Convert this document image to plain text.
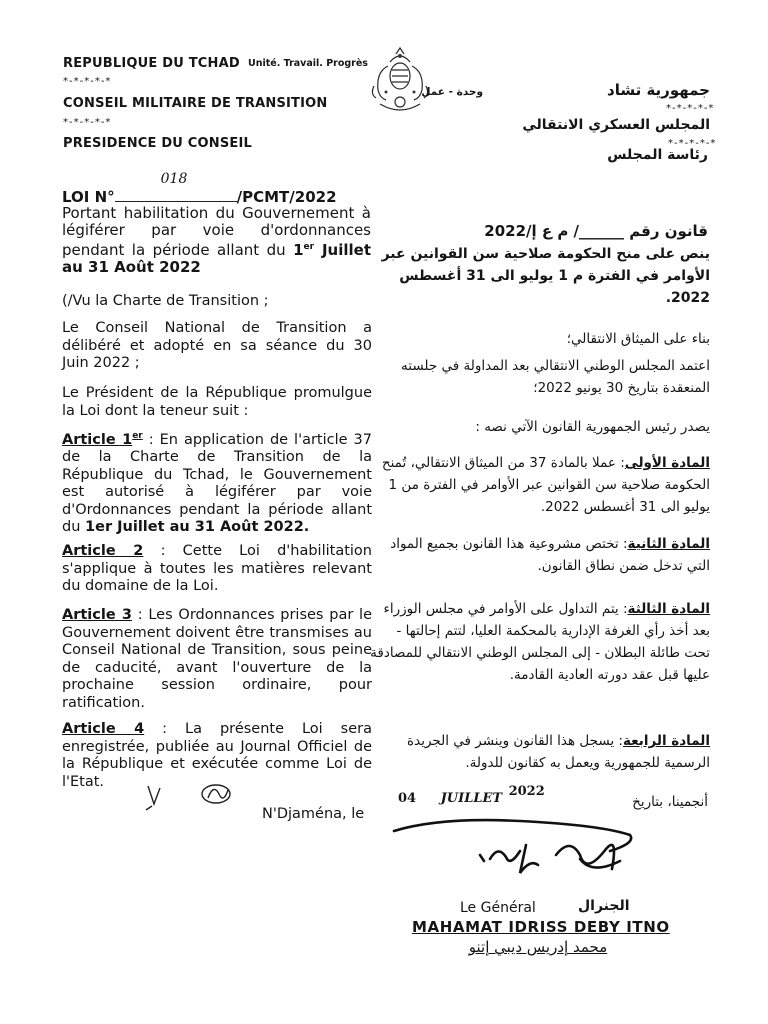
REPUBLIQUE DU TCHAD Unité. Travail. Progrès
*-*-*-*-*
CONSEIL MILITAIRE DE TRANSITION
*-*-*-*-*
PRESIDENCE DU CONSEIL
وحدة - عمل	جمهورية تشاد
*-*-*-*-*
المجلس العسكري الانتقالي
*-*-*-*-*
رئاسة المجلس
LOI N°
018
/PCMT/2022
Portant habilitation du Gouvernement à légiférer par voie d'ordonnances pendant la période allant du 1er Juillet au 31 Août 2022
قانون رقم ______/ م ع إ/2022
ينص على منح الحكومة صلاحية سن القوانين عبر الأوامر في الفترة م 1 يوليو الى 31 أغسطس 2022.
(/Vu la Charte de Transition ;
Le Conseil National de Transition a délibéré et adopté en sa séance du 30 Juin 2022 ;
Le Président de la République promulgue la Loi dont la teneur suit :
Article 1er : En application de l'article 37 de la Charte de Transition de la République du Tchad, le Gouvernement est autorisé à légiférer par voie d'Ordonnances pendant la période allant du 1er Juillet au 31 Août 2022.
Article 2 : Cette Loi d'habilitation s'applique à toutes les matières relevant du domaine de la Loi.
Article 3 : Les Ordonnances prises par le Gouvernement doivent être transmises au Conseil National de Transition, sous peine de caducité, avant l'ouverture de la prochaine session ordinaire, pour ratification.
Article 4 : La présente Loi sera enregistrée, publiée au Journal Officiel de la République et exécutée comme Loi de l'Etat.
N'Djaména, le
بناء على الميثاق الانتقالي؛
اعتمد المجلس الوطني الانتقالي بعد المداولة في جلسته المنعقدة بتاريخ 30 يونيو 2022؛
يصدر رئيس الجمهورية القانون الآتي نصه :
المادة الأولى: عملا بالمادة 37 من الميثاق الانتقالي، تُمنح الحكومة صلاحية سن القوانين عبر الأوامر في الفترة من 1 يوليو الى 31 أغسطس 2022.
المادة الثانية: تختص مشروعية هذا القانون بجميع المواد التي تدخل ضمن نطاق القانون.
المادة الثالثة: يتم التداول على الأوامر في مجلس الوزراء بعد أخذ رأي الغرفة الإدارية بالمحكمة العليا، لتتم إحالتها - تحت طائلة البطلان - إلى المجلس الوطني الانتقالي للمصادقة عليها قبل عقد دورته العادية القادمة.
المادة الرابعة: يسجل هذا القانون وينشر في الجريدة الرسمية للجمهورية ويعمل به كقانون للدولة.
04 JUILLET 2022
أنجمينا، بتاريخ
Le Général	الجنرال
MAHAMAT IDRISS DEBY ITNO
محمد إدريس ديبي إتنو
